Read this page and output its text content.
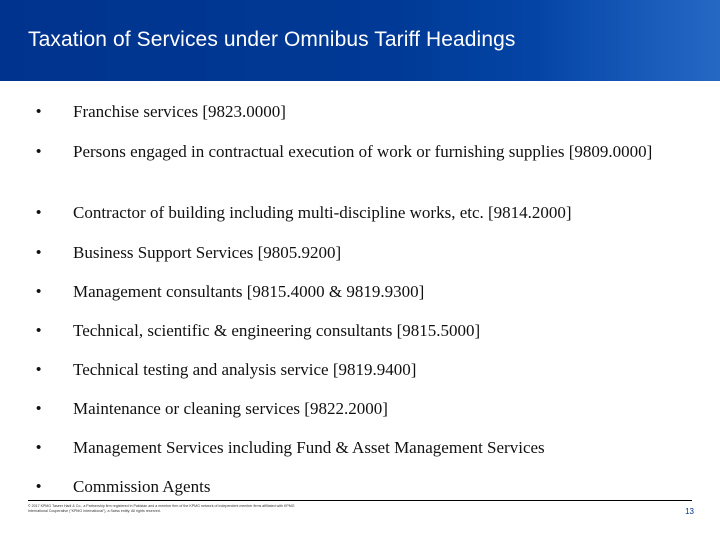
Taxation of Services under Omnibus Tariff Headings
• Franchise services [9823.0000]
• Persons engaged in contractual execution of work or furnishing supplies [9809.0000]
• Contractor of building including multi-discipline works, etc. [9814.2000]
• Business Support Services [9805.9200]
• Management consultants [9815.4000 & 9819.9300]
• Technical, scientific & engineering consultants [9815.5000]
• Technical testing and analysis service [9819.9400]
• Maintenance or cleaning services [9822.2000]
• Management Services including Fund & Asset Management Services
• Commission Agents
© 2017 KPMG Taseer Hadi & Co., a Partnership firm registered in Pakistan and a member firm of the KPMG network of independent member firms affiliated with KPMG International Cooperative ("KPMG International"), a Swiss entity. All rights reserved.	13
